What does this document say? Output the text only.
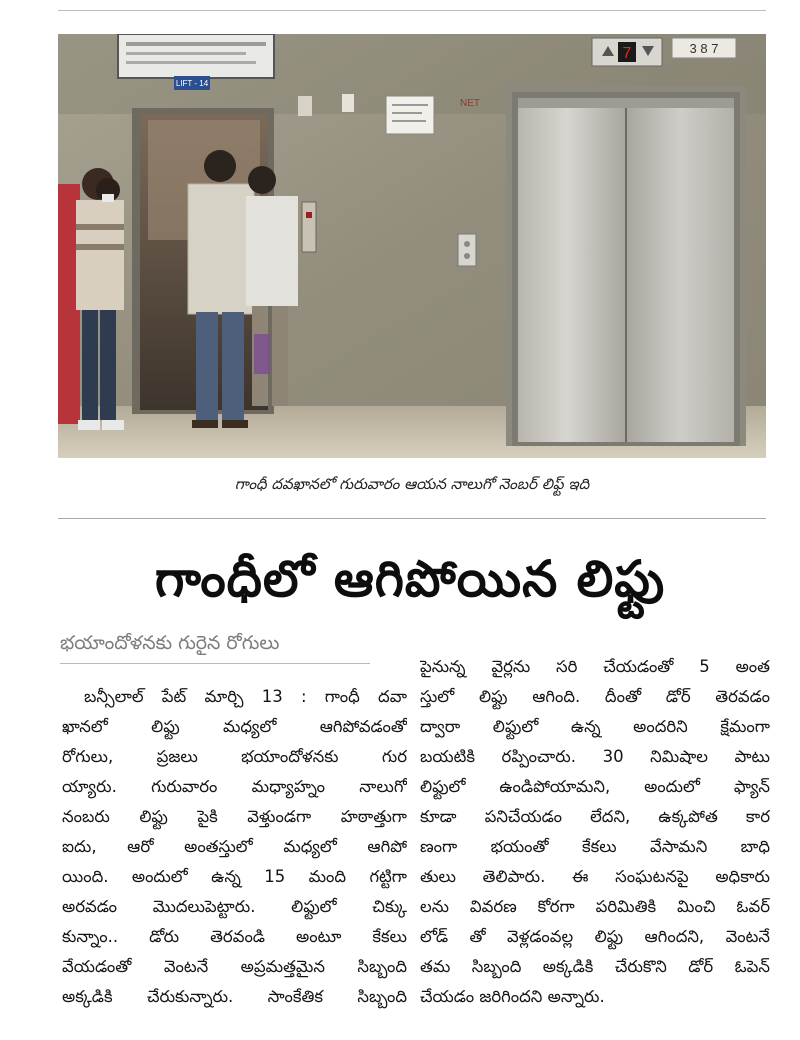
LIFT - 14
NET
7	3 8 7
గాంధీ దవఖానలో గురువారం ఆయన నాలుగో నెంబర్ లిఫ్ట్ ఇది
గాంధీలో ఆగిపోయిన లిఫ్టు
భయాందోళనకు గురైన రోగులు
బన్సీలాల్ పేట్ మార్చి 13 : గాంధీ దవా
ఖానలో లిఫ్టు మధ్యలో ఆగిపోవడంతో
రోగులు, ప్రజలు భయాందోళనకు గుర
య్యారు. గురువారం మధ్యాహ్నం నాలుగో
నంబరు లిఫ్టు పైకి వెళ్తుండగా హఠాత్తుగా
ఐదు, ఆరో అంతస్తులో మధ్యలో ఆగిపో
యింది. అందులో ఉన్న 15 మంది గట్టిగా
అరవడం మొదలుపెట్టారు. లిఫ్టులో చిక్కు
కున్నాం.. డోరు తెరవండి అంటూ కేకలు
వేయడంతో వెంటనే అప్రమత్తమైన సిబ్బంది
అక్కడికి చేరుకున్నారు. సాంకేతిక సిబ్బంది
పైనున్న వైర్లను సరి చేయడంతో 5 అంత
స్తులో లిఫ్టు ఆగింది. దీంతో డోర్ తెరవడం
ద్వారా లిఫ్టులో ఉన్న అందరిని క్షేమంగా
బయటికి రప్పించారు. 30 నిమిషాల పాటు
లిఫ్టులో ఉండిపోయామని, అందులో ఫ్యాన్
కూడా పనిచేయడం లేదని, ఉక్కపోత కార
ణంగా భయంతో కేకలు వేసామని బాధి
తులు తెలిపారు. ఈ సంఘటనపై అధికారు
లను వివరణ కోరగా పరిమితికి మించి ఓవర్
లోడ్ తో వెళ్లడంవల్ల లిఫ్టు ఆగిందని, వెంటనే
తమ సిబ్బంది అక్కడికి చేరుకొని డోర్ ఓపెన్
చేయడం జరిగిందని అన్నారు.
